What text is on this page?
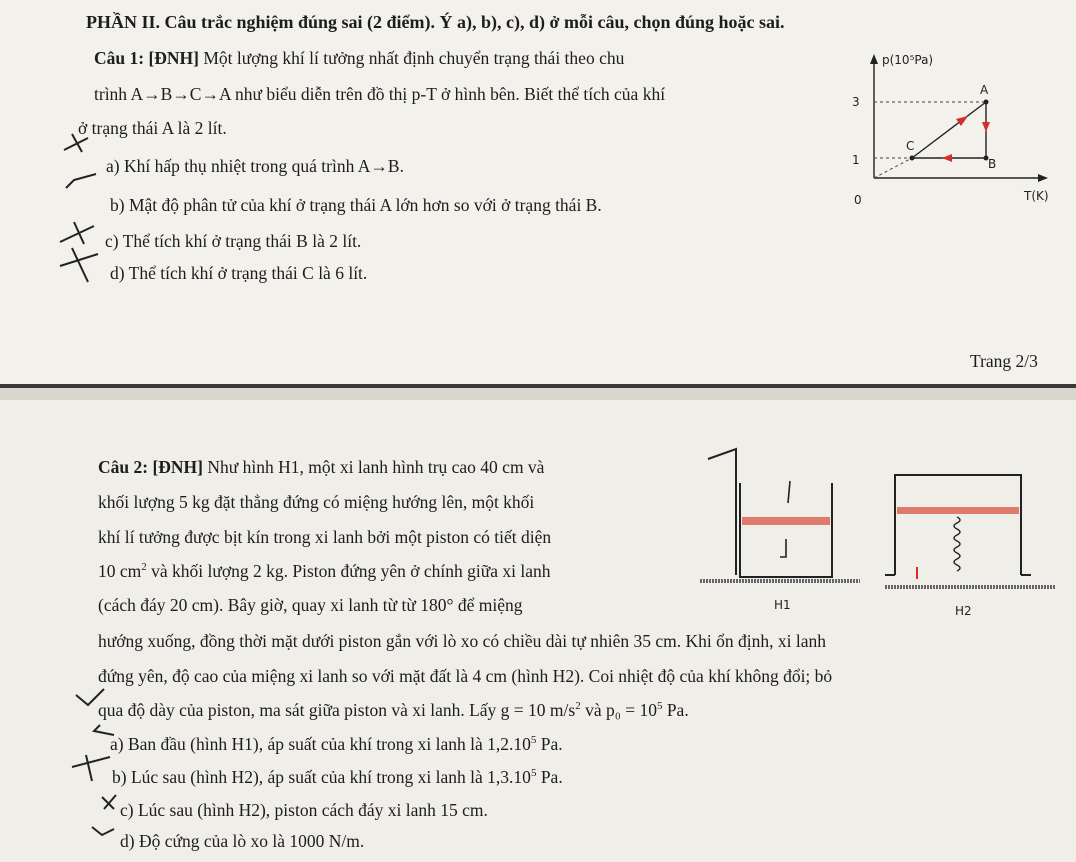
PHẦN II. Câu trắc nghiệm đúng sai (2 điểm). Ý a), b), c), d) ở mỗi câu, chọn đúng hoặc sai.
Câu 1: [ĐNH] Một lượng khí lí tưởng nhất định chuyển trạng thái theo chu
trình A→B→C→A như biểu diễn trên đồ thị p-T ở hình bên. Biết thể tích của khí
ở trạng thái A là 2 lít.
a) Khí hấp thụ nhiệt trong quá trình A→B.
b) Mật độ phân tử của khí ở trạng thái A lớn hơn so với ở trạng thái B.
c) Thể tích khí ở trạng thái B là 2 lít.
d) Thể tích khí ở trạng thái C là 6 lít.
p(10⁵Pa)
T(K)
0
3
1
A
B
C
Trang 2/3
Câu 2: [ĐNH] Như hình H1, một xi lanh hình trụ cao 40 cm và
khối lượng 5 kg đặt thẳng đứng có miệng hướng lên, một khối
khí lí tưởng được bịt kín trong xi lanh bởi một piston có tiết diện
10 $cm^2$ và khối lượng 2 kg. Piston đứng yên ở chính giữa xi lanh
(cách đáy 20 cm). Bây giờ, quay xi lanh từ từ 180° để miệng
hướng xuống, đồng thời mặt dưới piston gắn với lò xo có chiều dài tự nhiên 35 cm. Khi ổn định, xi lanh
đứng yên, độ cao của miệng xi lanh so với mặt đất là 4 cm (hình H2). Coi nhiệt độ của khí không đổi; bỏ
qua độ dày của piston, ma sát giữa piston và xi lanh. Lấy g = 10 $m/s^2$ và $p_0 = 10^5$ Pa.
a) Ban đầu (hình H1), áp suất của khí trong xi lanh là 1,2.10$^5$ Pa.
b) Lúc sau (hình H2), áp suất của khí trong xi lanh là 1,3.10$^5$ Pa.
c) Lúc sau (hình H2), piston cách đáy xi lanh 15 cm.
d) Độ cứng của lò xo là 1000 N/m.
H1	H2
